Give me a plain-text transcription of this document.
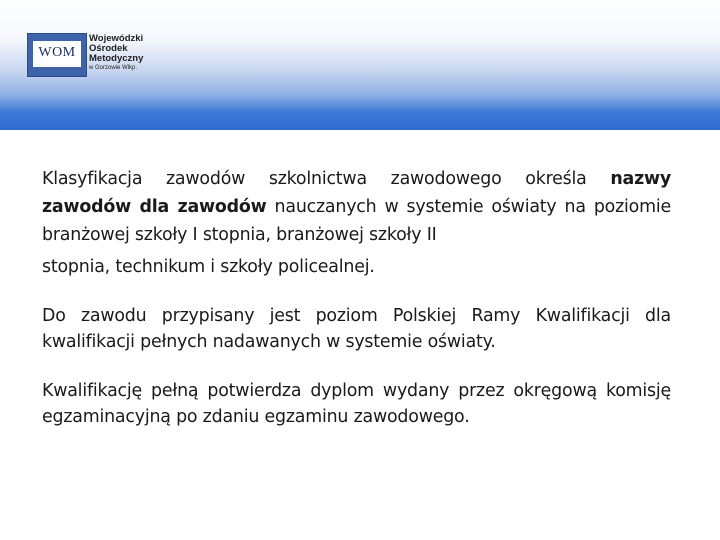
WOM
Wojewódzki
Ośrodek
Metodyczny
w Gorzowie Wlkp.

Klasyfikacja zawodów szkolnictwa zawodowego określa nazwy zawodów dla zawodów nauczanych w systemie oświaty na poziomie branżowej szkoły I stopnia, branżowej szkoły II
stopnia, technikum i szkoły policealnej.

Do zawodu przypisany jest poziom Polskiej Ramy Kwalifikacji dla kwalifikacji pełnych nadawanych w systemie oświaty.

Kwalifikację pełną potwierdza dyplom wydany przez okręgową komisję egzaminacyjną po zdaniu egzaminu zawodowego.
